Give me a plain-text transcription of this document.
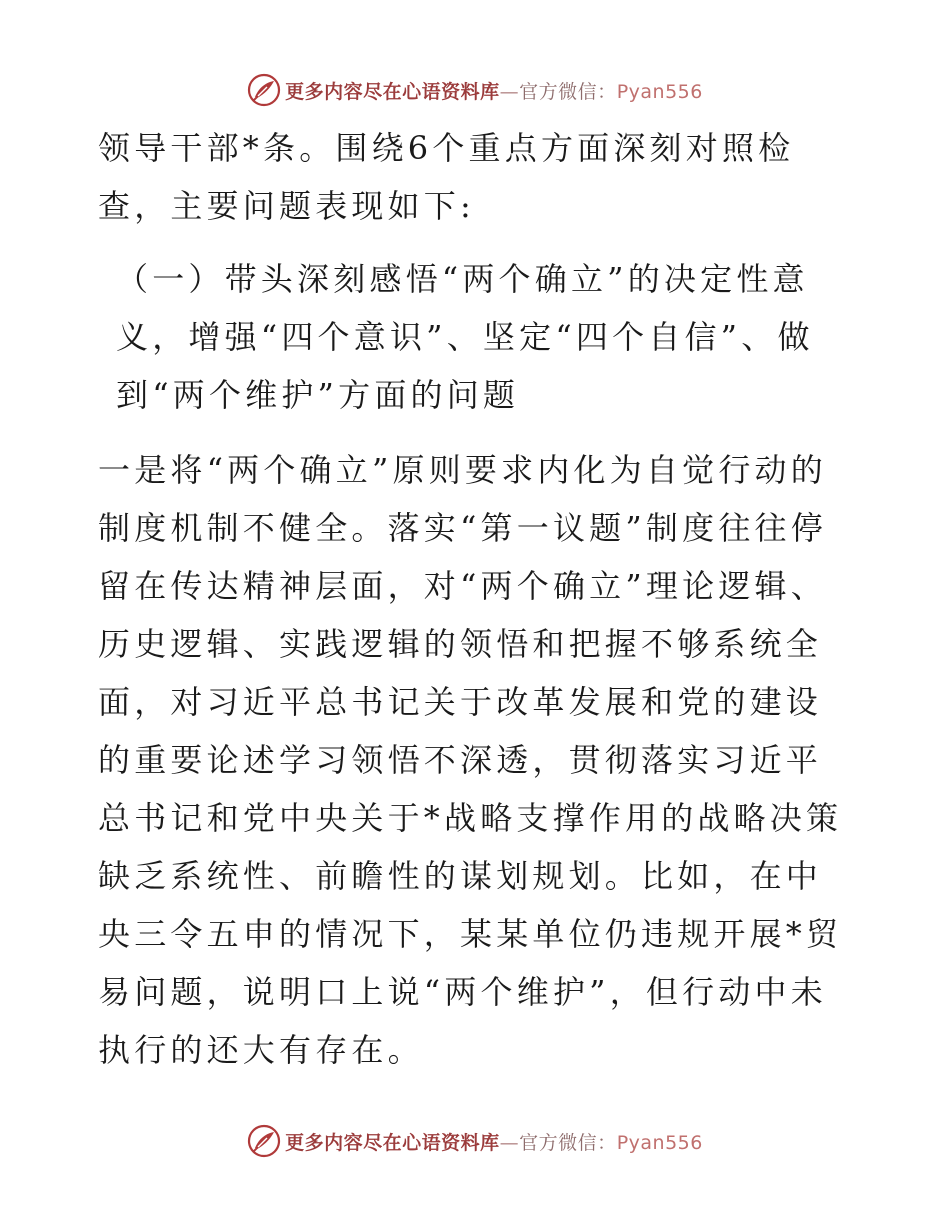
更多内容尽在心语资料库—官方微信：Pyan556

领导干部*条。围绕6个重点方面深刻对照检查，主要问题表现如下:

（一）带头深刻感悟“两个确立”的决定性意义，增强“四个意识”、坚定“四个自信”、做到“两个维护”方面的问题

一是将“两个确立”原则要求内化为自觉行动的制度机制不健全。落实“第一议题”制度往往停留在传达精神层面，对“两个确立”理论逻辑、历史逻辑、实践逻辑的领悟和把握不够系统全面，对习近平总书记关于改革发展和党的建设的重要论述学习领悟不深透，贯彻落实习近平总书记和党中央关于*战略支撑作用的战略决策缺乏系统性、前瞻性的谋划规划。比如，在中央三令五申的情况下，某某单位仍违规开展*贸易问题，说明口上说“两个维护”，但行动中未执行的还大有存在。

更多内容尽在心语资料库—官方微信：Pyan556
